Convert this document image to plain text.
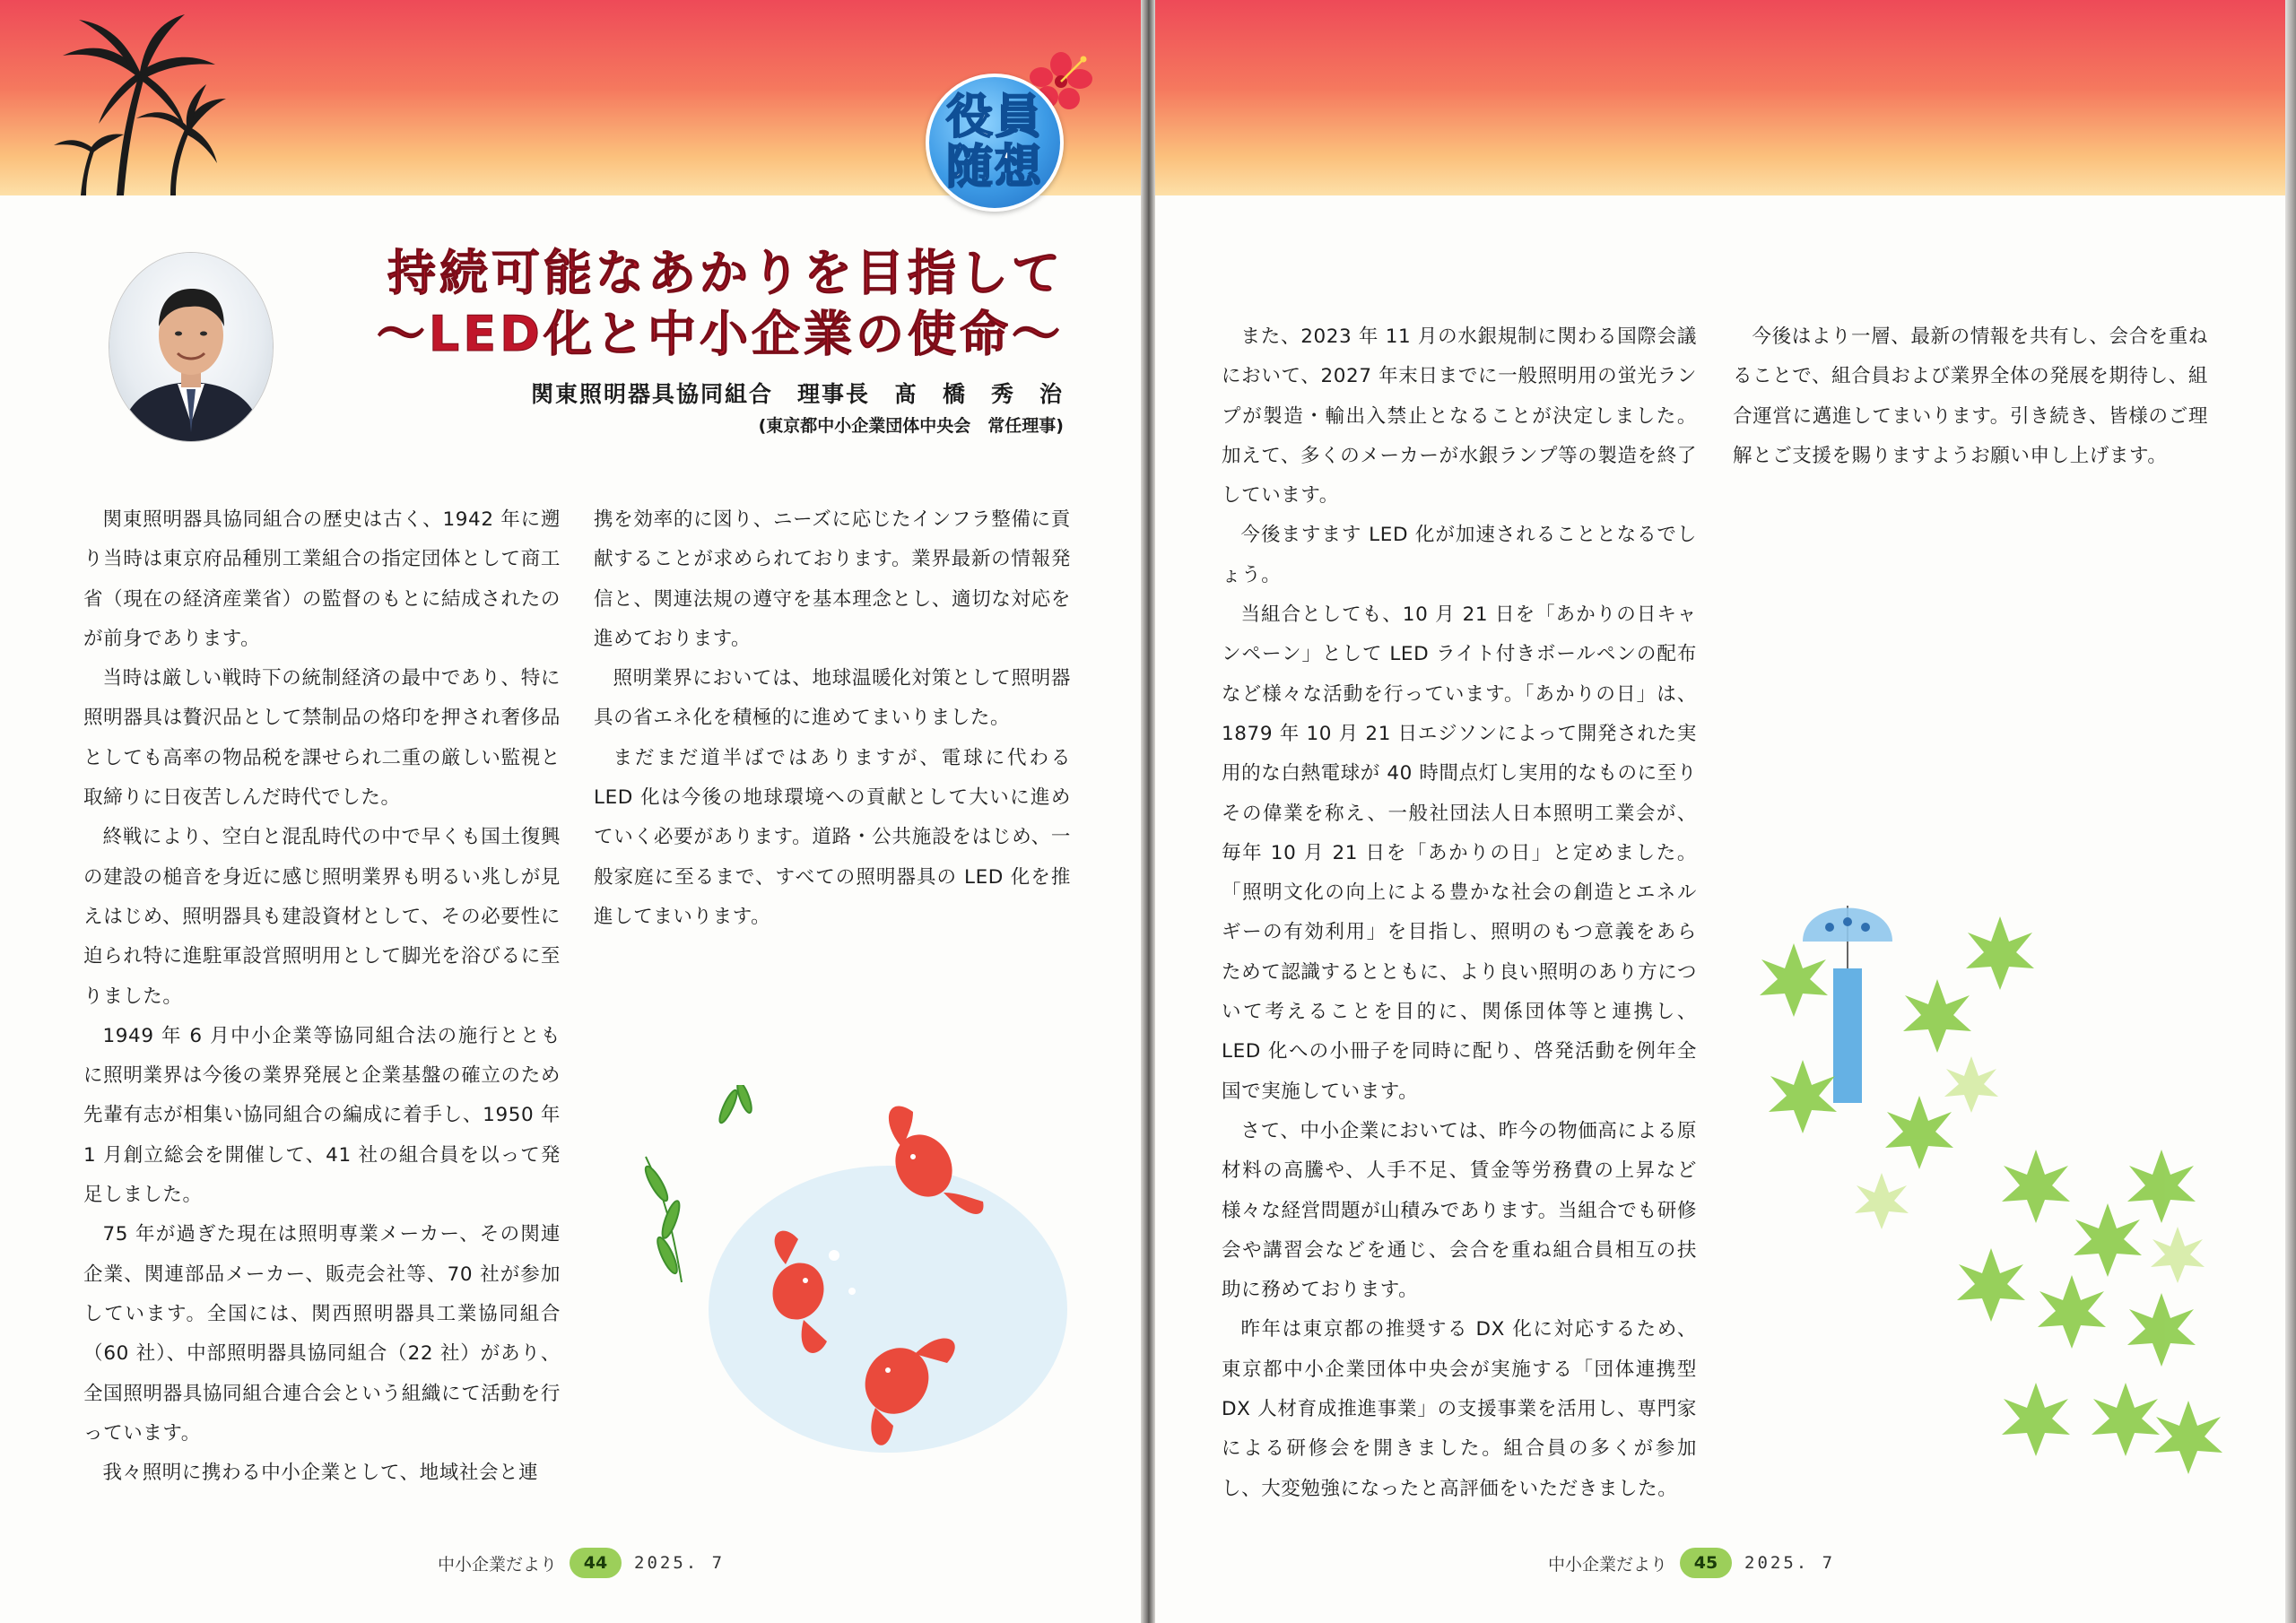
役員
随想
持続可能なあかりを目指して
～LED化と中小企業の使命～
関東照明器具協同組合　理事長　髙　橋　秀　治
(東京都中小企業団体中央会　常任理事)

関東照明器具協同組合の歴史は古く、1942 年に遡り当時は東京府品種別工業組合の指定団体として商工省（現在の経済産業省）の監督のもとに結成されたのが前身であります。

当時は厳しい戦時下の統制経済の最中であり、特に照明器具は贅沢品として禁制品の烙印を押され奢侈品としても高率の物品税を課せられ二重の厳しい監視と取締りに日夜苦しんだ時代でした。

終戦により、空白と混乱時代の中で早くも国土復興の建設の槌音を身近に感じ照明業界も明るい兆しが見えはじめ、照明器具も建設資材として、その必要性に迫られ特に進駐軍設営照明用として脚光を浴びるに至りました。

1949 年 6 月中小企業等協同組合法の施行とともに照明業界は今後の業界発展と企業基盤の確立のため先輩有志が相集い協同組合の編成に着手し、1950 年 1 月創立総会を開催して、41 社の組合員を以って発足しました。

75 年が過ぎた現在は照明専業メーカー、その関連企業、関連部品メーカー、販売会社等、70 社が参加しています。全国には、関西照明器具工業協同組合（60 社）、中部照明器具協同組合（22 社）があり、全国照明器具協同組合連合会という組織にて活動を行っています。

我々照明に携わる中小企業として、地域社会と連

携を効率的に図り、ニーズに応じたインフラ整備に貢献することが求められております。業界最新の情報発信と、関連法規の遵守を基本理念とし、適切な対応を進めております。

照明業界においては、地球温暖化対策として照明器具の省エネ化を積極的に進めてまいりました。

まだまだ道半ばではありますが、電球に代わる LED 化は今後の地球環境への貢献として大いに進めていく必要があります。道路・公共施設をはじめ、一般家庭に至るまで、すべての照明器具の LED 化を推進してまいります。

中小企業だより	44	2025. 7

また、2023 年 11 月の水銀規制に関わる国際会議において、2027 年末日までに一般照明用の蛍光ランプが製造・輸出入禁止となることが決定しました。加えて、多くのメーカーが水銀ランプ等の製造を終了しています。

今後ますます LED 化が加速されることとなるでしょう。

当組合としても、10 月 21 日を「あかりの日キャンペーン」として LED ライト付きボールペンの配布など様々な活動を行っています。「あかりの日」は、1879 年 10 月 21 日エジソンによって開発された実用的な白熱電球が 40 時間点灯し実用的なものに至りその偉業を称え、一般社団法人日本照明工業会が、毎年 10 月 21 日を「あかりの日」と定めました。「照明文化の向上による豊かな社会の創造とエネルギーの有効利用」を目指し、照明のもつ意義をあらためて認識するとともに、より良い照明のあり方について考えることを目的に、関係団体等と連携し、LED 化への小冊子を同時に配り、啓発活動を例年全国で実施しています。

さて、中小企業においては、昨今の物価高による原材料の高騰や、人手不足、賃金等労務費の上昇など様々な経営問題が山積みであります。当組合でも研修会や講習会などを通じ、会合を重ね組合員相互の扶助に務めております。

昨年は東京都の推奨する DX 化に対応するため、東京都中小企業団体中央会が実施する「団体連携型 DX 人材育成推進事業」の支援事業を活用し、専門家による研修会を開きました。組合員の多くが参加し、大変勉強になったと高評価をいただきました。

今後はより一層、最新の情報を共有し、会合を重ねることで、組合員および業界全体の発展を期待し、組合運営に邁進してまいります。引き続き、皆様のご理解とご支援を賜りますようお願い申し上げます。

中小企業だより	45	2025. 7
